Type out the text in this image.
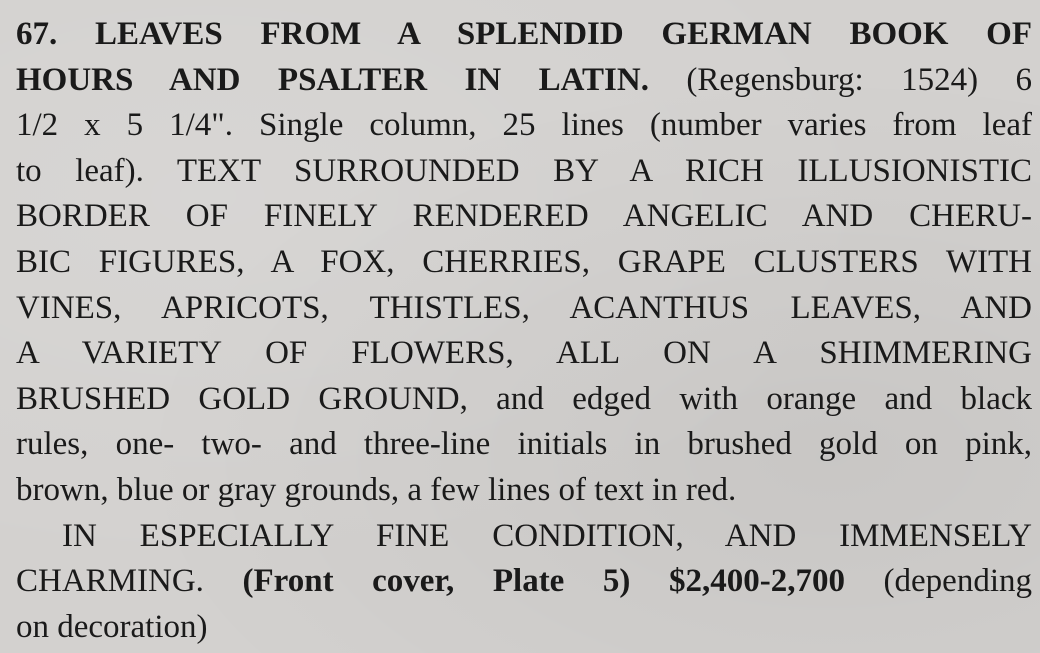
67. LEAVES FROM A SPLENDID GERMAN BOOK OF
HOURS AND PSALTER IN LATIN. (Regensburg: 1524) 6
1/2 x 5 1/4". Single column, 25 lines (number varies from leaf
to leaf). TEXT SURROUNDED BY A RICH ILLUSIONISTIC
BORDER OF FINELY RENDERED ANGELIC AND CHERU-
BIC FIGURES, A FOX, CHERRIES, GRAPE CLUSTERS WITH
VINES, APRICOTS, THISTLES, ACANTHUS LEAVES, AND
A VARIETY OF FLOWERS, ALL ON A SHIMMERING
BRUSHED GOLD GROUND, and edged with orange and black
rules, one- two- and three-line initials in brushed gold on pink,
brown, blue or gray grounds, a few lines of text in red.
IN ESPECIALLY FINE CONDITION, AND IMMENSELY
CHARMING. (Front cover, Plate 5) $2,400-2,700 (depending
on decoration)
